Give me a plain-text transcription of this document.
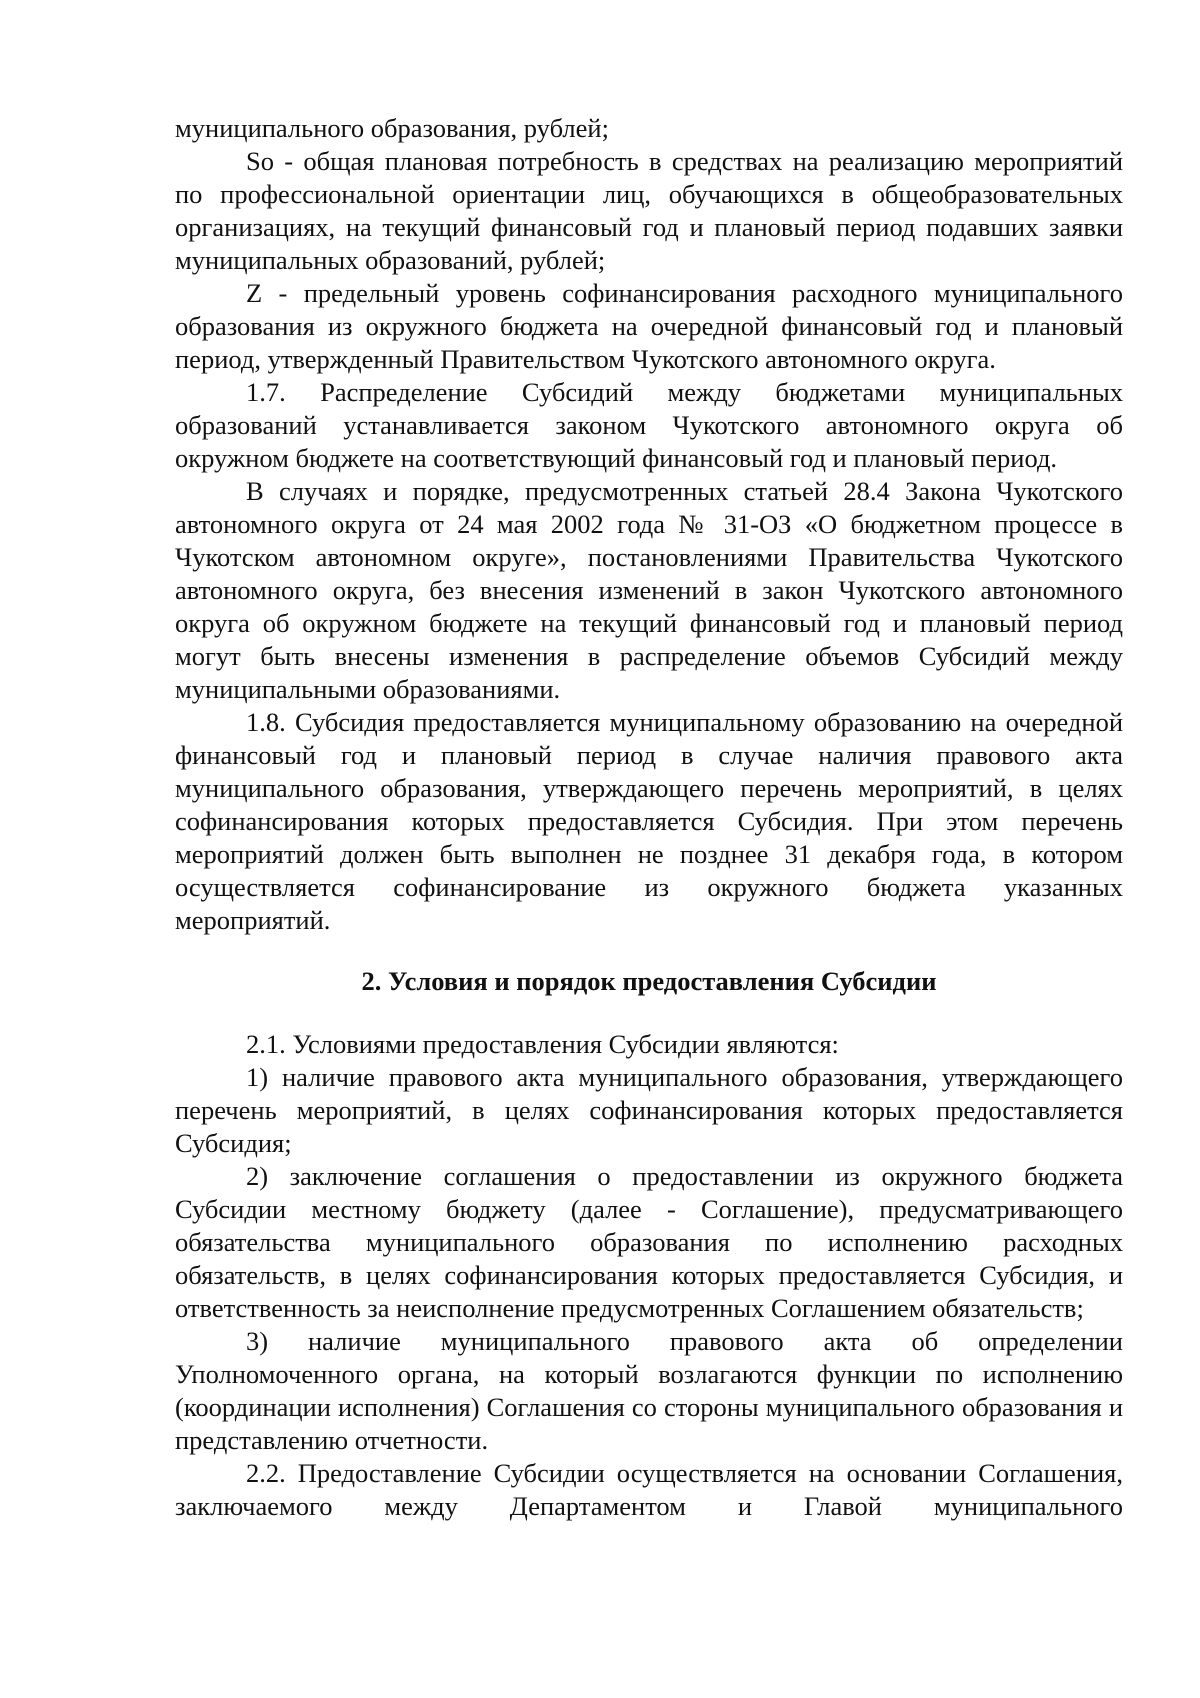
муниципального образования, рублей;

So - общая плановая потребность в средствах на реализацию мероприятий по профессиональной ориентации лиц, обучающихся в общеобразовательных организациях, на текущий финансовый год и плановый период подавших заявки муниципальных образований, рублей;

Z - предельный уровень софинансирования расходного муниципального образования из окружного бюджета на очередной финансовый год и плановый период, утвержденный Правительством Чукотского автономного округа.

1.7. Распределение Субсидий между бюджетами муниципальных образований устанавливается законом Чукотского автономного округа об окружном бюджете на соответствующий финансовый год и плановый период.

В случаях и порядке, предусмотренных статьей 28.4 Закона Чукотского автономного округа от 24 мая 2002 года № 31-ОЗ «О бюджетном процессе в Чукотском автономном округе», постановлениями Правительства Чукотского автономного округа, без внесения изменений в закон Чукотского автономного округа об окружном бюджете на текущий финансовый год и плановый период могут быть внесены изменения в распределение объемов Субсидий между муниципальными образованиями.

1.8. Субсидия предоставляется муниципальному образованию на очередной финансовый год и плановый период в случае наличия правового акта муниципального образования, утверждающего перечень мероприятий, в целях софинансирования которых предоставляется Субсидия. При этом перечень мероприятий должен быть выполнен не позднее 31 декабря года, в котором осуществляется софинансирование из окружного бюджета указанных мероприятий.

2. Условия и порядок предоставления Субсидии

2.1. Условиями предоставления Субсидии являются:

1) наличие правового акта муниципального образования, утверждающего перечень мероприятий, в целях софинансирования которых предоставляется Субсидия;

2) заключение соглашения о предоставлении из окружного бюджета Субсидии местному бюджету (далее - Соглашение), предусматривающего обязательства муниципального образования по исполнению расходных обязательств, в целях софинансирования которых предоставляется Субсидия, и ответственность за неисполнение предусмотренных Соглашением обязательств;

3) наличие муниципального правового акта об определении Уполномоченного органа, на который возлагаются функции по исполнению (координации исполнения) Соглашения со стороны муниципального образования и представлению отчетности.

2.2. Предоставление Субсидии осуществляется на основании Соглашения, заключаемого между Департаментом и Главой муниципального
